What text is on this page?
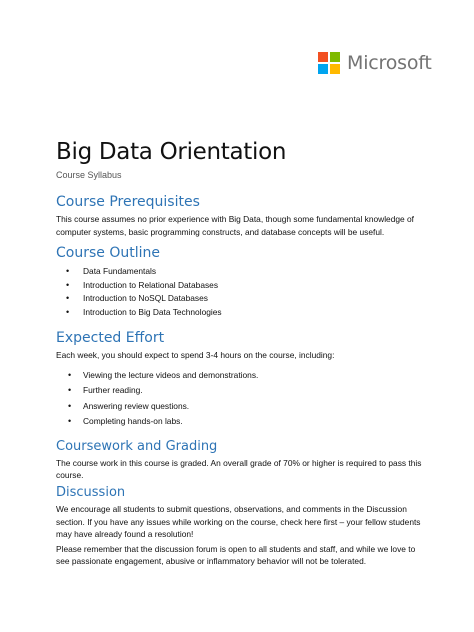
Microsoft
Big Data Orientation
Course Syllabus
Course Prerequisites

This course assumes no prior experience with Big Data, though some fundamental knowledge of computer systems, basic programming constructs, and database concepts will be useful.

Course Outline
• Data Fundamentals
• Introduction to Relational Databases
• Introduction to NoSQL Databases
• Introduction to Big Data Technologies
Expected Effort

Each week, you should expect to spend 3-4 hours on the course, including:

• Viewing the lecture videos and demonstrations.
• Further reading.
• Answering review questions.
• Completing hands-on labs.
Coursework and Grading

The course work in this course is graded. An overall grade of 70% or higher is required to pass this course.

Discussion

We encourage all students to submit questions, observations, and comments in the Discussion section. If you have any issues while working on the course, check here first – your fellow students may have already found a resolution!

Please remember that the discussion forum is open to all students and staff, and while we love to see passionate engagement, abusive or inflammatory behavior will not be tolerated.
